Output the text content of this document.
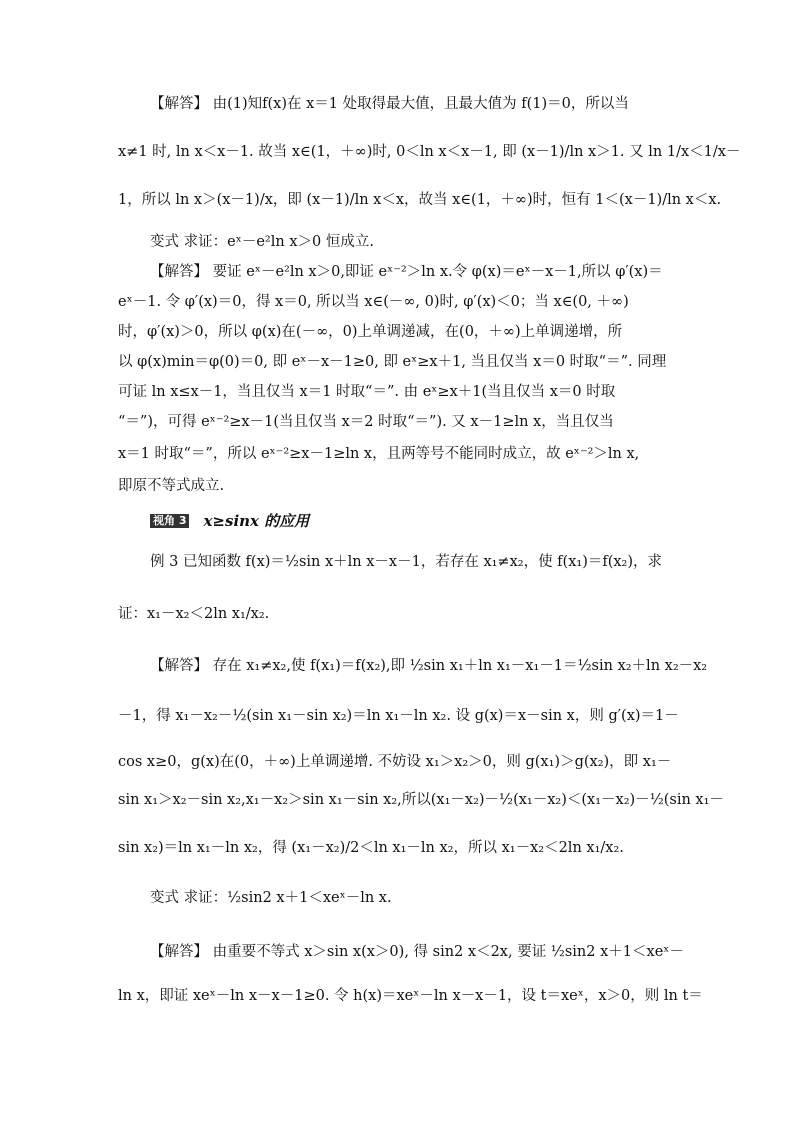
视角 3 x≥sinx 的应用
【解答】 由(1)知f(x)在 x＝1 处取得最大值，且最大值为 f(1)＝0，所以当
x≠1 时, ln x＜x－1. 故当 x∈(1，＋∞)时, 0＜ln x＜x－1, 即 (x－1)/ln x＞1. 又 ln 1/x＜1/x－
1，所以 ln x＞(x－1)/x，即 (x－1)/ln x＜x，故当 x∈(1，＋∞)时，恒有 1＜(x－1)/ln x＜x.
变式 求证：eˣ－e²ln x＞0 恒成立.
【解答】 要证 eˣ－e²ln x＞0,即证 eˣ⁻²＞ln x.令 φ(x)＝eˣ－x－1,所以 φ′(x)＝
eˣ－1. 令 φ′(x)＝0，得 x＝0, 所以当 x∈(－∞, 0)时, φ′(x)＜0；当 x∈(0, ＋∞)
时，φ′(x)＞0，所以 φ(x)在(－∞，0)上单调递减，在(0，＋∞)上单调递增，所
以 φ(x)min＝φ(0)＝0, 即 eˣ－x－1≥0, 即 eˣ≥x＋1, 当且仅当 x＝0 时取“＝”. 同理
可证 ln x≤x－1，当且仅当 x＝1 时取“＝”. 由 eˣ≥x＋1(当且仅当 x＝0 时取
“＝”)，可得 eˣ⁻²≥x－1(当且仅当 x＝2 时取“＝”). 又 x－1≥ln x，当且仅当
x＝1 时取“＝”，所以 eˣ⁻²≥x－1≥ln x，且两等号不能同时成立，故 eˣ⁻²＞ln x,
即原不等式成立.
例 3 已知函数 f(x)＝½sin x＋ln x－x－1，若存在 x₁≠x₂，使 f(x₁)＝f(x₂)，求
证：x₁－x₂＜2ln x₁/x₂.
【解答】 存在 x₁≠x₂,使 f(x₁)＝f(x₂),即 ½sin x₁＋ln x₁－x₁－1＝½sin x₂＋ln x₂－x₂
－1，得 x₁－x₂－½(sin x₁－sin x₂)＝ln x₁－ln x₂. 设 g(x)＝x－sin x，则 g′(x)＝1－
cos x≥0，g(x)在(0，＋∞)上单调递增. 不妨设 x₁＞x₂＞0，则 g(x₁)＞g(x₂)，即 x₁－
sin x₁＞x₂－sin x₂,x₁－x₂＞sin x₁－sin x₂,所以(x₁－x₂)－½(x₁－x₂)＜(x₁－x₂)－½(sin x₁－
sin x₂)＝ln x₁－ln x₂，得 (x₁－x₂)/2＜ln x₁－ln x₂，所以 x₁－x₂＜2ln x₁/x₂.
变式 求证：½sin2 x＋1＜xeˣ－ln x.
【解答】 由重要不等式 x＞sin x(x＞0), 得 sin2 x＜2x, 要证 ½sin2 x＋1＜xeˣ－
ln x，即证 xeˣ－ln x－x－1≥0. 令 h(x)＝xeˣ－ln x－x－1，设 t＝xeˣ，x＞0，则 ln t＝
